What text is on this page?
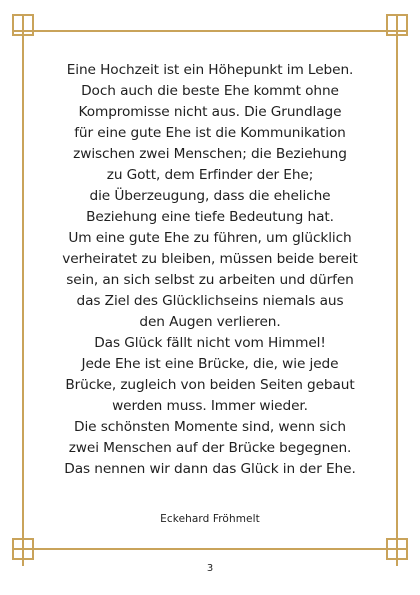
Eine Hochzeit ist ein Höhepunkt im Leben.
Doch auch die beste Ehe kommt ohne
Kompromisse nicht aus. Die Grundlage
für eine gute Ehe ist die Kommunikation
zwischen zwei Menschen; die Beziehung
zu Gott, dem Erfinder der Ehe;
die Überzeugung, dass die eheliche
Beziehung eine tiefe Bedeutung hat.
Um eine gute Ehe zu führen, um glücklich
verheiratet zu bleiben, müssen beide bereit
sein, an sich selbst zu arbeiten und dürfen
das Ziel des Glücklichseins niemals aus
den Augen verlieren.
Das Glück fällt nicht vom Himmel!
Jede Ehe ist eine Brücke, die, wie jede
Brücke, zugleich von beiden Seiten gebaut
werden muss. Immer wieder.
Die schönsten Momente sind, wenn sich
zwei Menschen auf der Brücke begegnen.
Das nennen wir dann das Glück in der Ehe.
Eckehard Fröhmelt
3
